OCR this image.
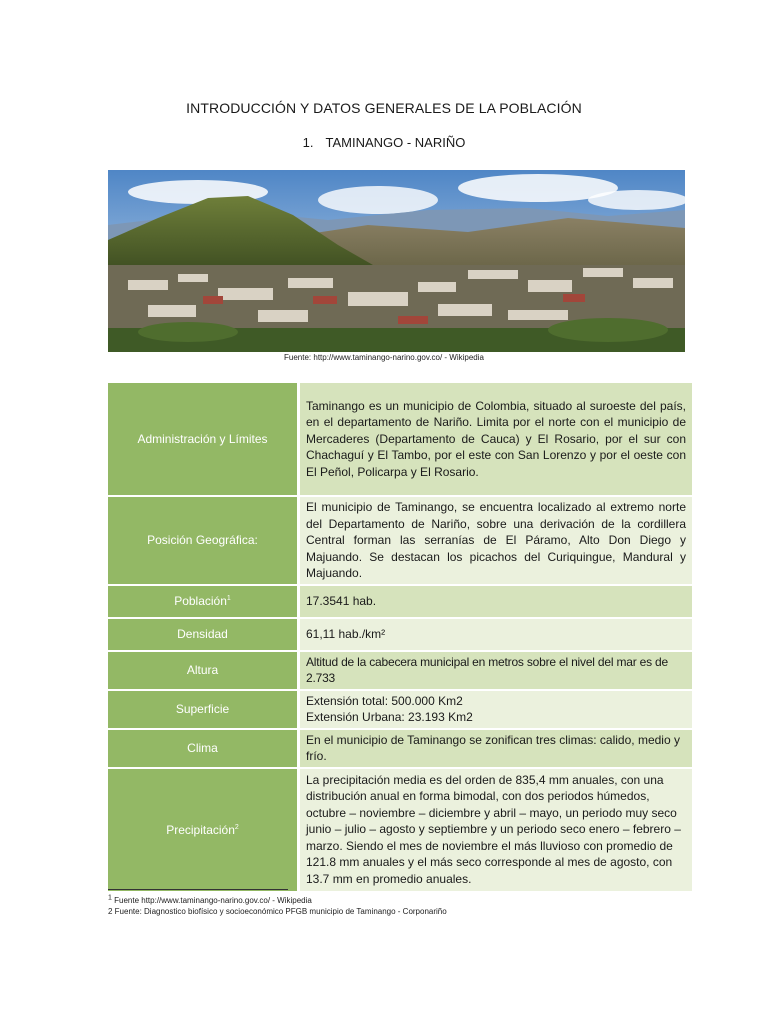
INTRODUCCIÓN Y DATOS GENERALES DE LA POBLACIÓN
1. TAMINANGO - NARIÑO
Fuente: http://www.taminango-narino.gov.co/ - Wikipedia
Administración y Límites	Taminango es un municipio de Colombia, situado al suroeste del país, en el departamento de Nariño. Limita por el norte con el municipio de Mercaderes (Departamento de Cauca) y El Rosario, por el sur con Chachaguí y El Tambo, por el este con San Lorenzo y por el oeste con El Peñol, Policarpa y El Rosario.
Posición Geográfica:	El municipio de Taminango, se encuentra localizado al extremo norte del Departamento de Nariño, sobre una derivación de la cordillera Central forman las serranías de El Páramo, Alto Don Diego y Majuando. Se destacan los picachos del Curiquingue, Mandural y Majuando.
Población$^1$	17.3541 hab.
Densidad	61,11 hab./km²
Altura	Altitud de la cabecera municipal en metros sobre el nivel del mar es de 2.733
Superficie	Extensión total: 500.000 Km2
Extensión Urbana: 23.193 Km2

Clima	En el municipio de Taminango se zonifican tres climas: calido, medio y frío.
Precipitación$^2$	La precipitación media es del orden de 835,4 mm anuales, con una distribución anual en forma bimodal, con dos periodos húmedos, octubre – noviembre – diciembre y abril – mayo, un periodo muy seco junio – julio – agosto y septiembre y un periodo seco enero – febrero – marzo. Siendo el mes de noviembre el más lluvioso con promedio de 121.8 mm anuales y el más seco corresponde al mes de agosto, con 13.7 mm en promedio anuales.
$^1$ Fuente http://www.taminango-narino.gov.co/ - Wikipedia
2 Fuente: Diagnostico biofísico y socioeconómico PFGB municipio de Taminango - Corponariño
